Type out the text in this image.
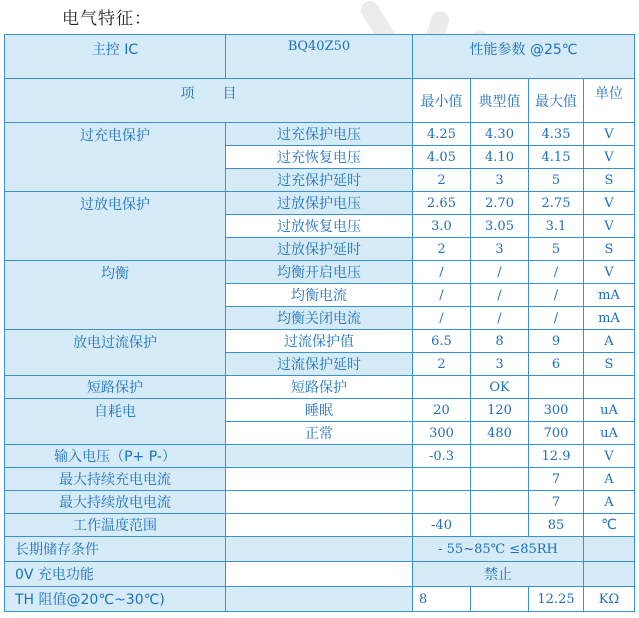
电气特征：
主控 IC	BQ40Z50	性能参数 @25℃			
项　　目		最小值	典型值	最大值	单位
过充电保护	过充保护电压	4.25	4.30	4.35	V
	过充恢复电压	4.05	4.10	4.15	V
	过充保护延时	2	3	5	S
过放电保护	过放保护电压	2.65	2.70	2.75	V
	过放恢复电压	3.0	3.05	3.1	V
	过放保护延时	2	3	5	S
均衡	均衡开启电压	/	/	/	V
	均衡电流	/	/	/	mA
	均衡关闭电流	/	/	/	mA
放电过流保护	过流保护值	6.5	8	9	A
	过流保护延时	2	3	6	S
短路保护	短路保护		OK		
自耗电	睡眠	20	120	300	uA
	正常	300	480	700	uA
输入电压（P+ P-）		-0.3		12.9	V
最大持续充电电流				7	A
最大持续放电电流				7	A
工作温度范围		-40		85	℃
长期储存条件		- 55~85℃ ≤85RH			
0V 充电功能		禁止			
TH 阻值@20℃~30℃)		8		12.25	KΩ
